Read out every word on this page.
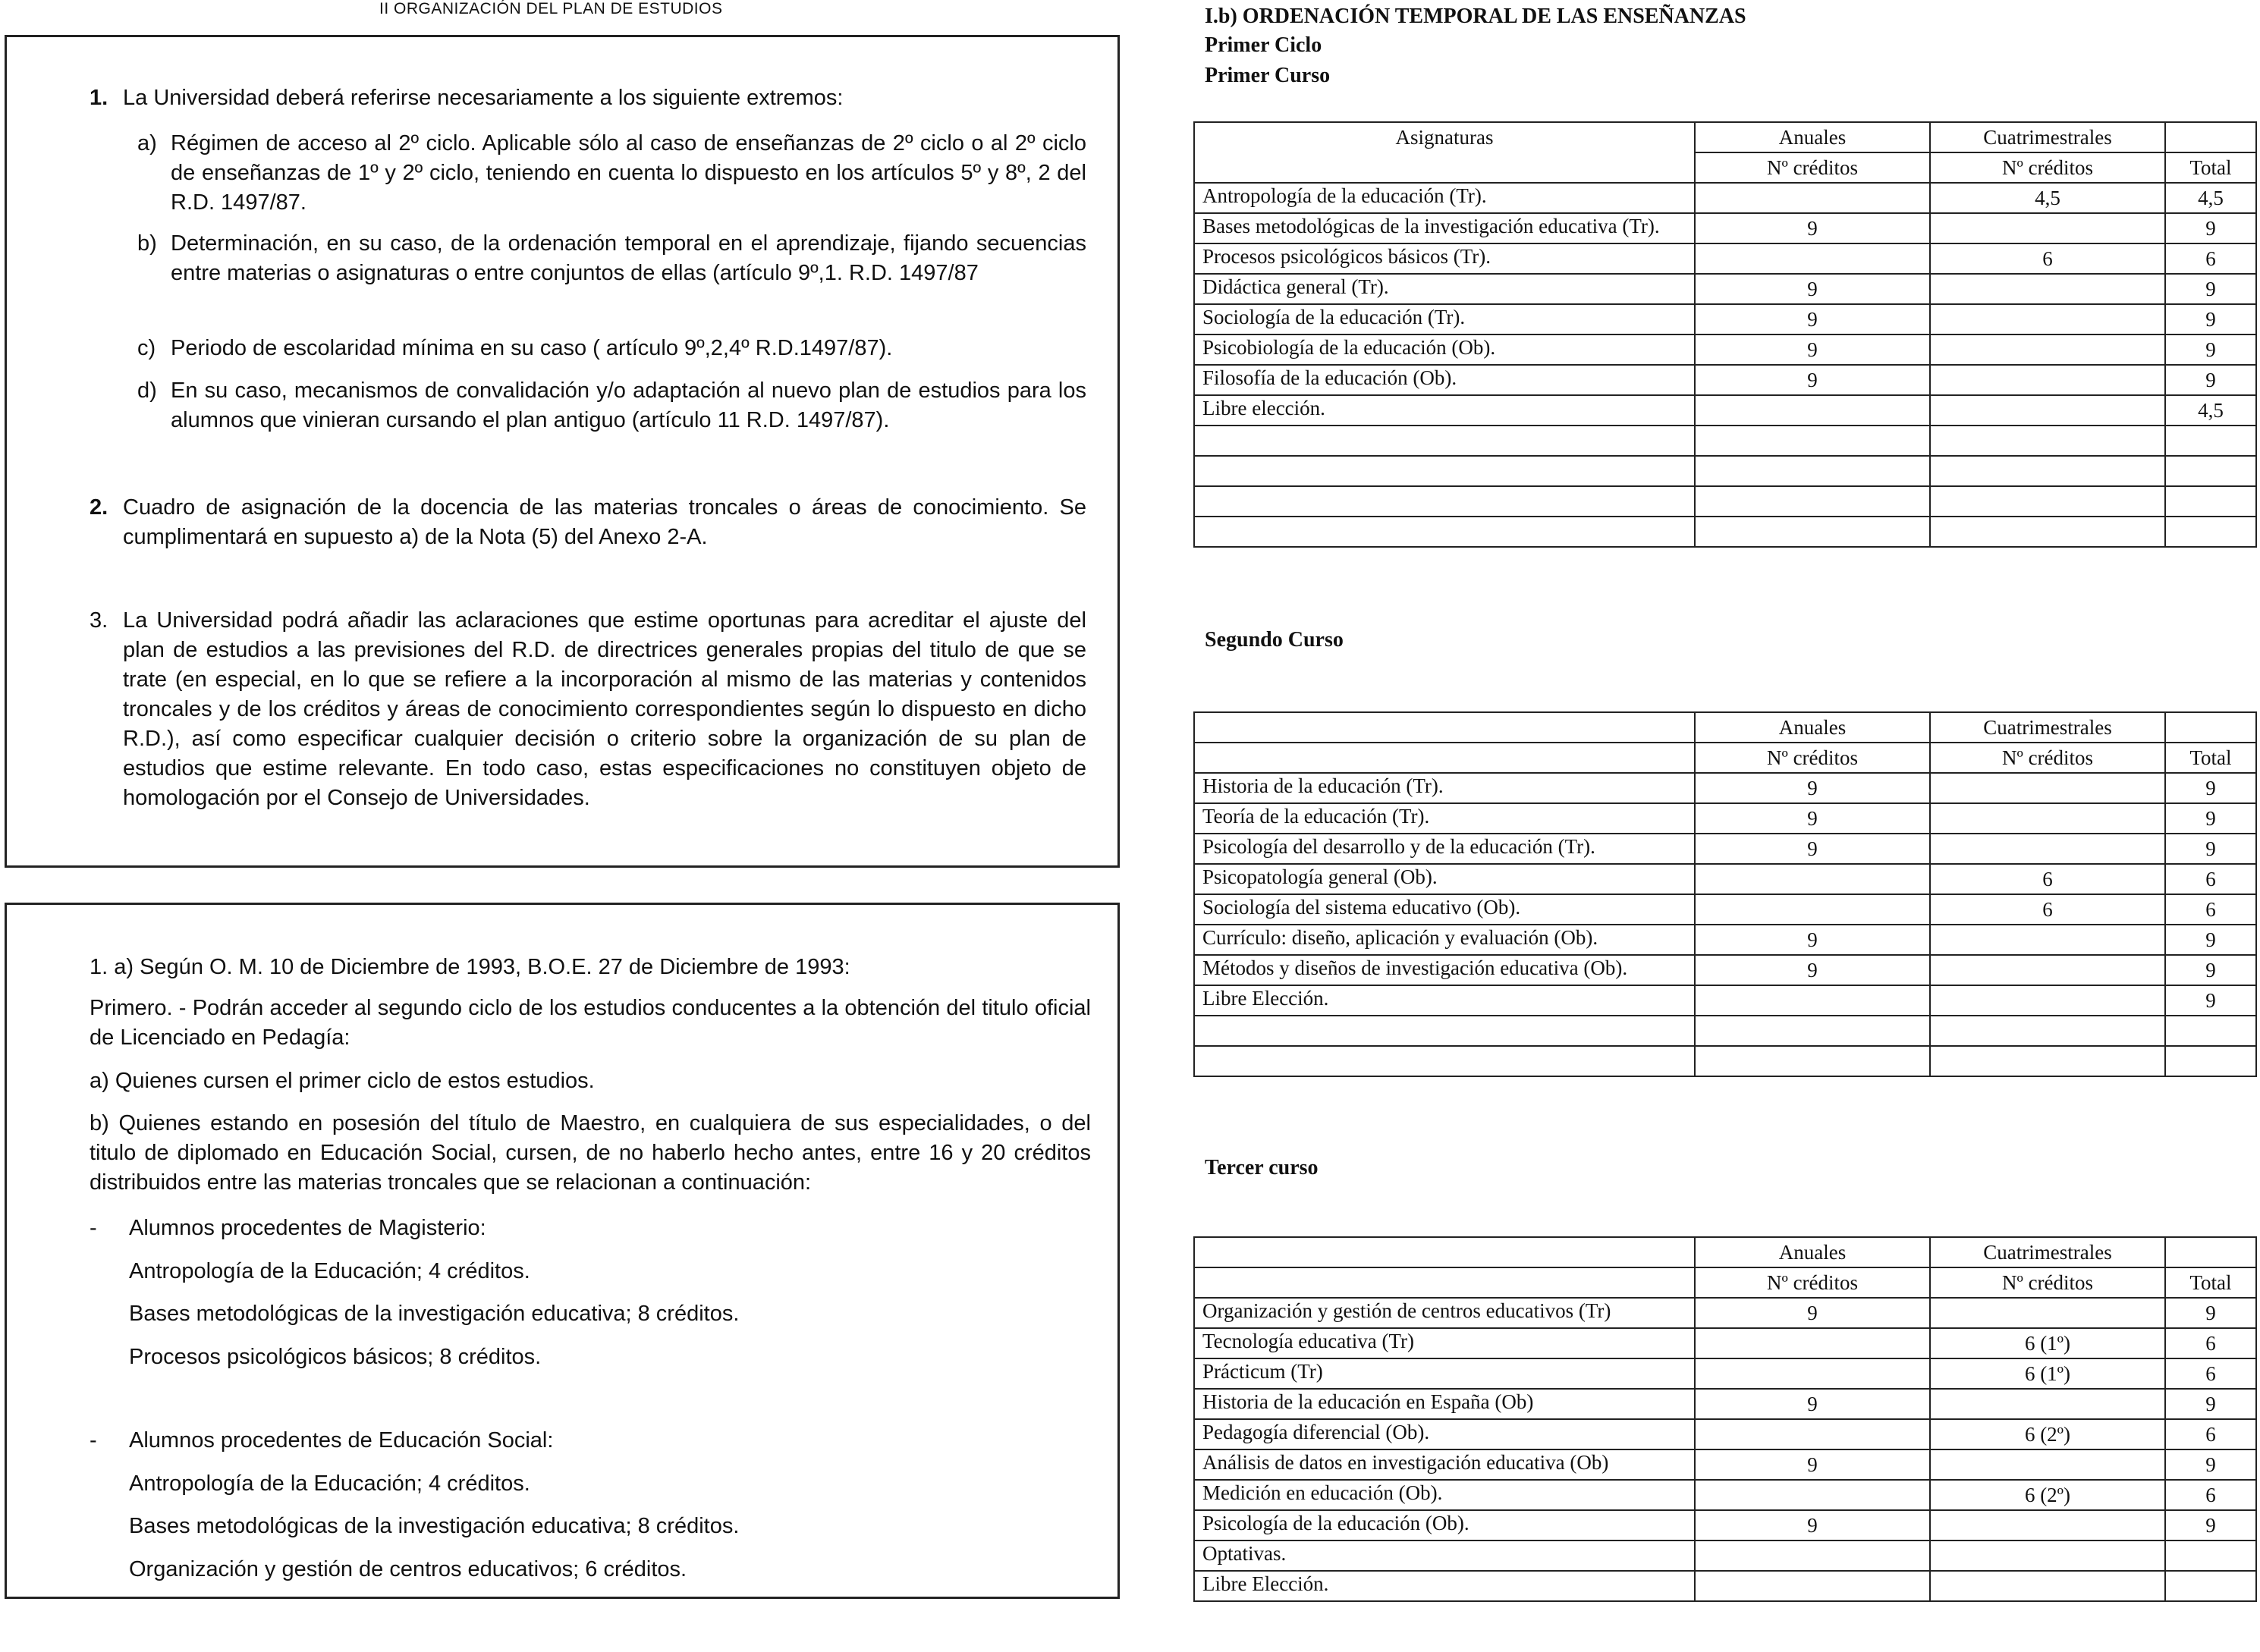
II ORGANIZACIÓN DEL PLAN DE ESTUDIOS
1. La Universidad deberá referirse necesariamente a los siguiente extremos:
a) Régimen de acceso al 2º ciclo. Aplicable sólo al caso de enseñanzas de 2º ciclo o al 2º ciclo de enseñanzas de 1º y 2º ciclo, teniendo en cuenta lo dispuesto en los artículos 5º y 8º, 2 del R.D. 1497/87.
b) Determinación, en su caso, de la ordenación temporal en el aprendizaje, fijando secuencias entre materias o asignaturas o entre conjuntos de ellas (artículo 9º,1. R.D. 1497/87
c) Periodo de escolaridad mínima en su caso ( artículo 9º,2,4º R.D.1497/87).
d) En su caso, mecanismos de convalidación y/o adaptación al nuevo plan de estudios para los alumnos que vinieran cursando el plan antiguo (artículo 11 R.D. 1497/87).
2. Cuadro de asignación de la docencia de las materias troncales o áreas de conocimiento. Se cumplimentará en supuesto a) de la Nota (5) del Anexo 2-A.
3. La Universidad podrá añadir las aclaraciones que estime oportunas para acreditar el ajuste del plan de estudios a las previsiones del R.D. de directrices generales propias del titulo de que se trate (en especial, en lo que se refiere a la incorporación al mismo de las materias y contenidos troncales y de los créditos y áreas de conocimiento correspondientes según lo dispuesto en dicho R.D.), así como especificar cualquier decisión o criterio sobre la organización de su plan de estudios que estime relevante. En todo caso, estas especificaciones no constituyen objeto de homologación por el Consejo de Universidades.
1. a) Según O. M. 10 de Diciembre de 1993, B.O.E. 27 de Diciembre de 1993:
Primero. - Podrán acceder al segundo ciclo de los estudios conducentes a la obtención del titulo oficial de Licenciado en Pedagía:
a) Quienes cursen el primer ciclo de estos estudios.
b) Quienes estando en posesión del título de Maestro, en cualquiera de sus especialidades, o del titulo de diplomado en Educación Social, cursen, de no haberlo hecho antes, entre 16 y 20 créditos distribuidos entre las materias troncales que se relacionan a continuación:
- Alumnos procedentes de Magisterio:
Antropología de la Educación; 4 créditos.
Bases metodológicas de la investigación educativa; 8 créditos.
Procesos psicológicos básicos; 8 créditos.
- Alumnos procedentes de Educación Social:
Antropología de la Educación; 4 créditos.
Bases metodológicas de la investigación educativa; 8 créditos.
Organización y gestión de centros educativos; 6 créditos.
I.b) ORDENACIÓN TEMPORAL DE LAS ENSEÑANZAS
Primer Ciclo
Primer Curso
Segundo Curso
Tercer curso
Asignaturas	Anuales	Cuatrimestrales	
	Nº créditos	Nº créditos	Total
Antropología de la educación (Tr).		4,5	4,5
Bases metodológicas de la investigación educativa (Tr).	9		9
Procesos psicológicos básicos (Tr).		6	6
Didáctica general (Tr).	9		9
Sociología de la educación (Tr).	9		9
Psicobiología de la educación (Ob).	9		9
Filosofía de la educación (Ob).	9		9
Libre elección.			4,5

	Anuales	Cuatrimestrales	
	Nº créditos	Nº créditos	Total
Historia de la educación (Tr).	9		9
Teoría de la educación (Tr).	9		9
Psicología del desarrollo y de la educación (Tr).	9		9
Psicopatología general (Ob).		6	6
Sociología del sistema educativo (Ob).		6	6
Currículo: diseño, aplicación y evaluación (Ob).	9		9
Métodos y diseños de investigación educativa (Ob).	9		9
Libre Elección.			9

	Anuales	Cuatrimestrales	
	Nº créditos	Nº créditos	Total
Organización y gestión de centros educativos (Tr)	9		9
Tecnología educativa (Tr)		6 (1º)	6
Prácticum (Tr)		6 (1º)	6
Historia de la educación en España (Ob)	9		9
Pedagogía diferencial (Ob).		6 (2º)	6
Análisis de datos en investigación educativa (Ob)	9		9
Medición en educación (Ob).		6 (2º)	6
Psicología de la educación (Ob).	9		9
Optativas.			
Libre Elección.			
